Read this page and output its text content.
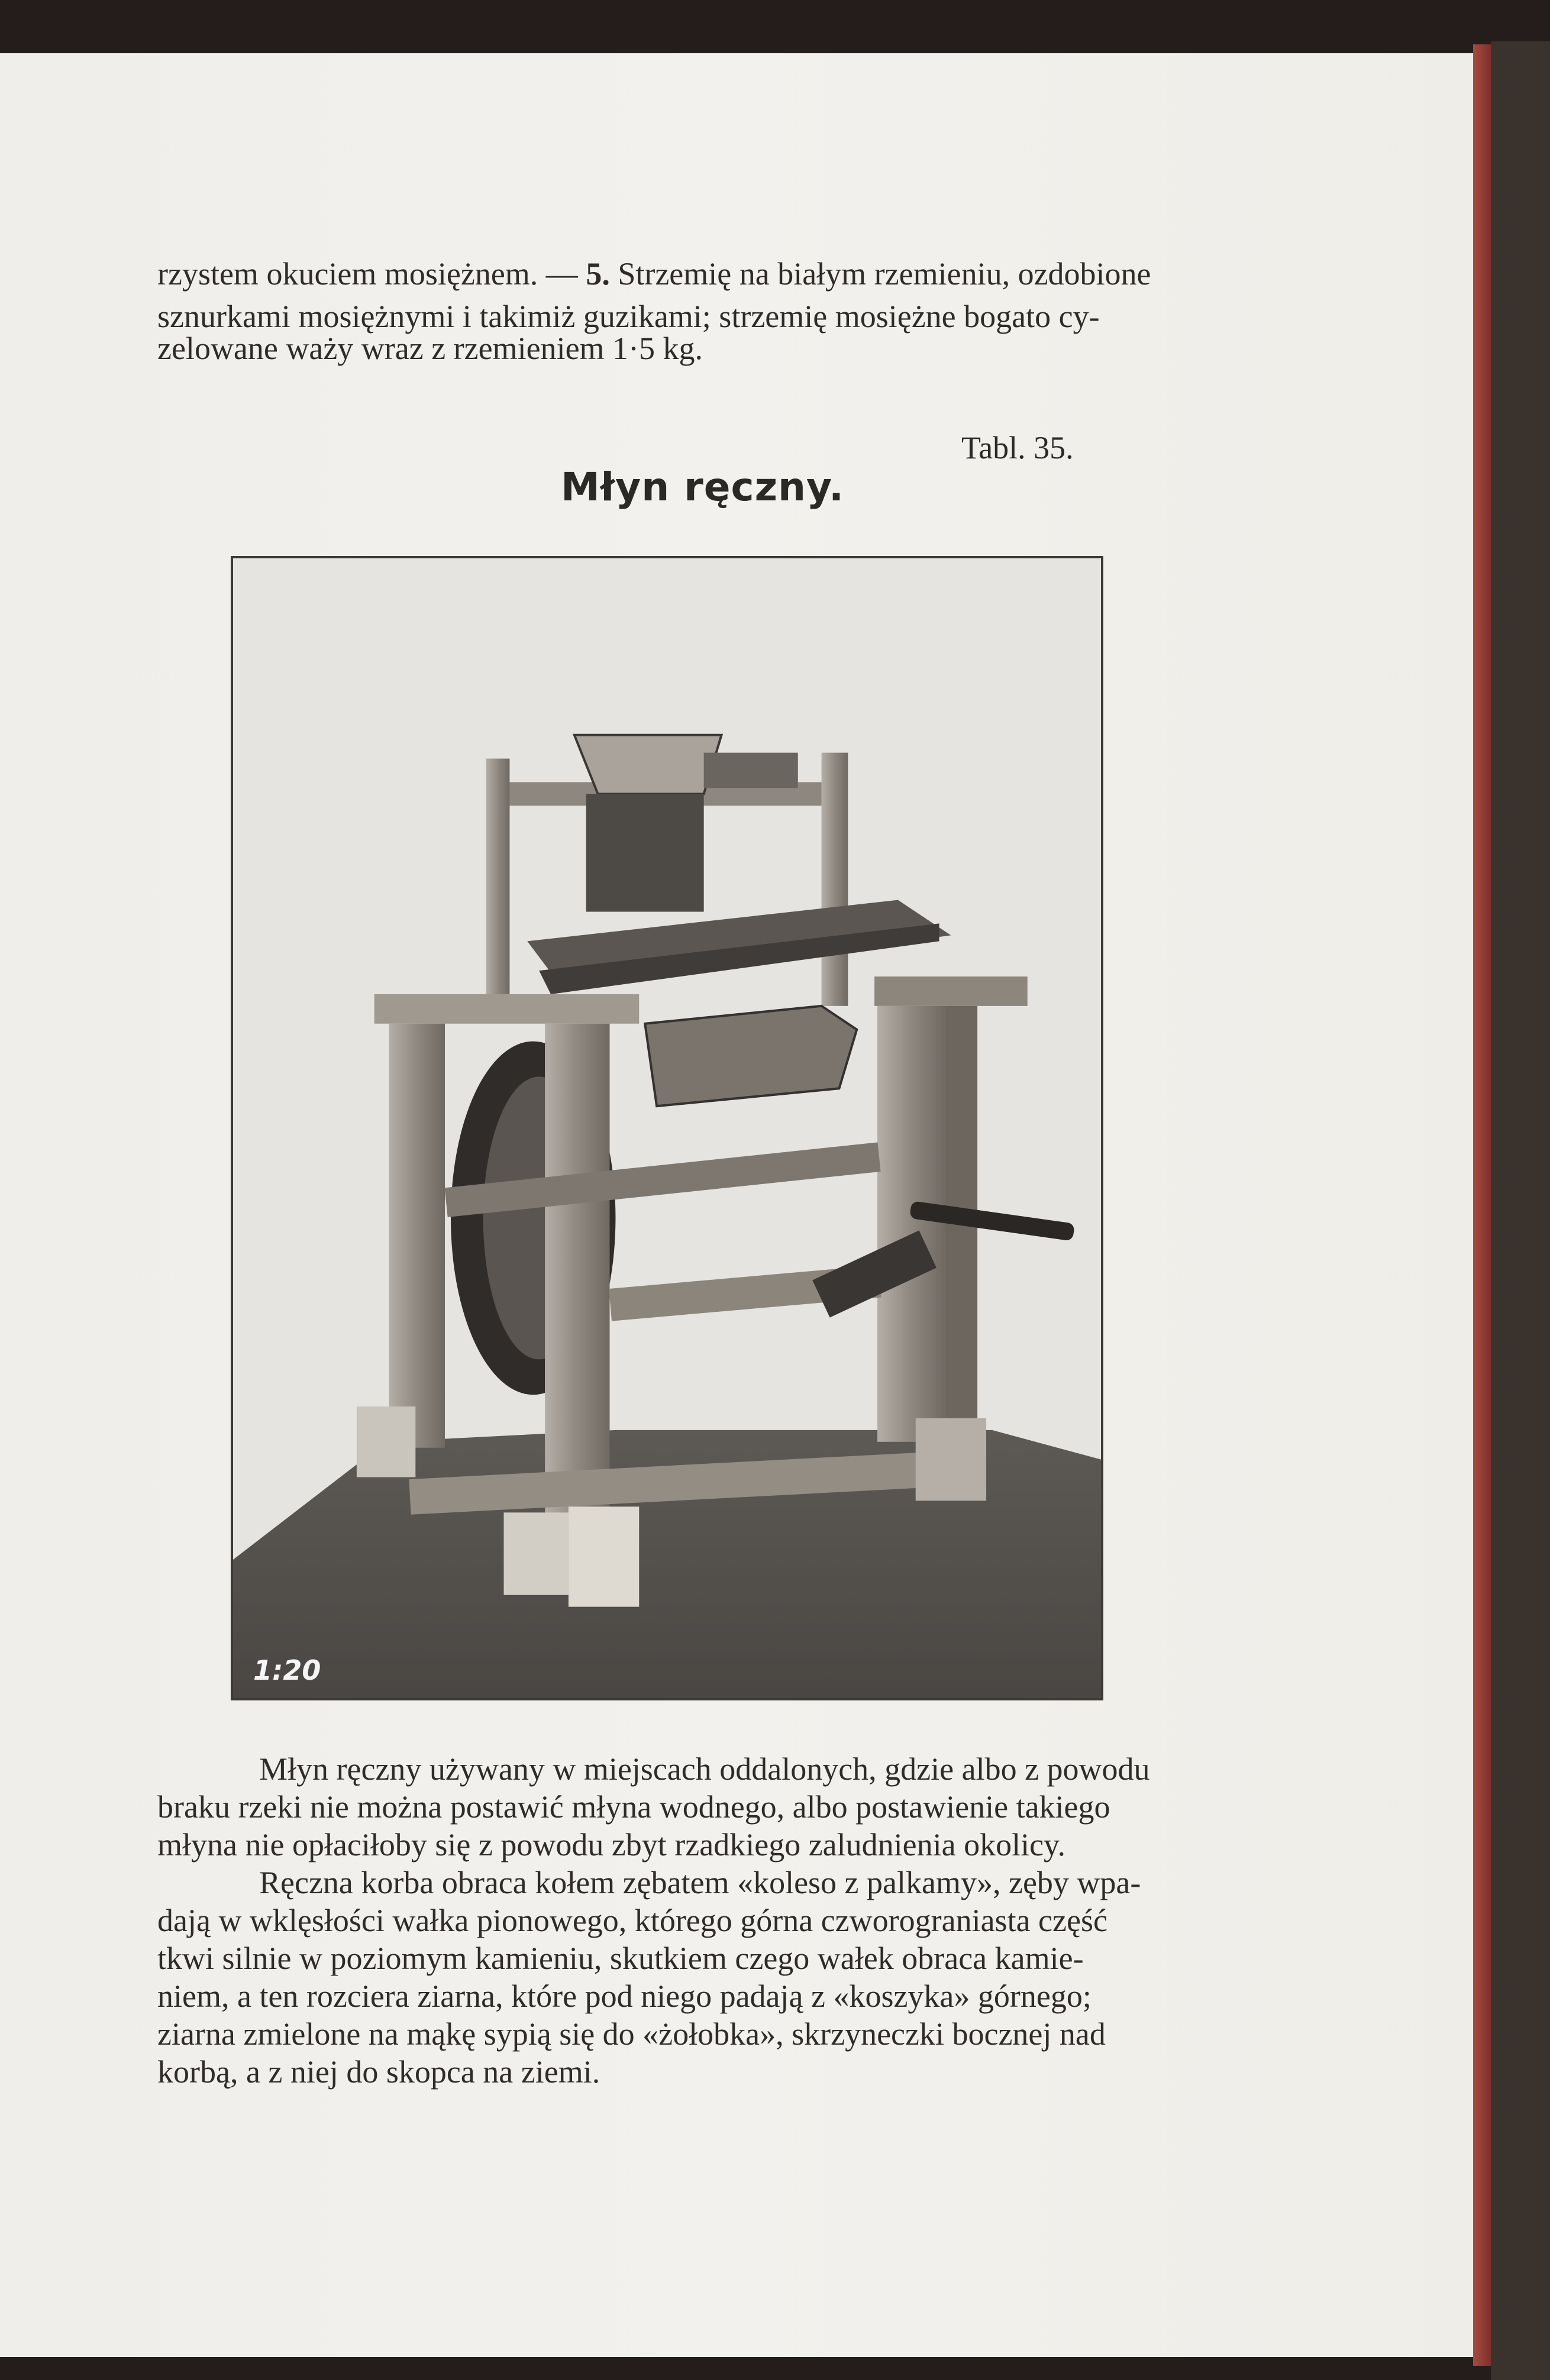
rzystem okuciem mosiężnem. — 5. Strzemię na białym rzemieniu, ozdobione
sznurkami mosiężnymi i takimiż guzikami; strzemię mosiężne bogato cy-
zelowane waży wraz z rzemieniem 1·5 kg.
Tabl. 35.
Młyn ręczny.
1:20
Młyn ręczny używany w miejscach oddalonych, gdzie albo z powodu
braku rzeki nie można postawić młyna wodnego, albo postawienie takiego
młyna nie opłaciłoby się z powodu zbyt rzadkiego zaludnienia okolicy.
Ręczna korba obraca kołem zębatem «koleso z palkamy», zęby wpa-
dają w wklęsłości wałka pionowego, którego górna czworograniasta część
tkwi silnie w poziomym kamieniu, skutkiem czego wałek obraca kamie-
niem, a ten rozciera ziarna, które pod niego padają z «koszyka» górnego;
ziarna zmielone na mąkę sypią się do «żołobka», skrzyneczki bocznej nad
korbą, a z niej do skopca na ziemi.
